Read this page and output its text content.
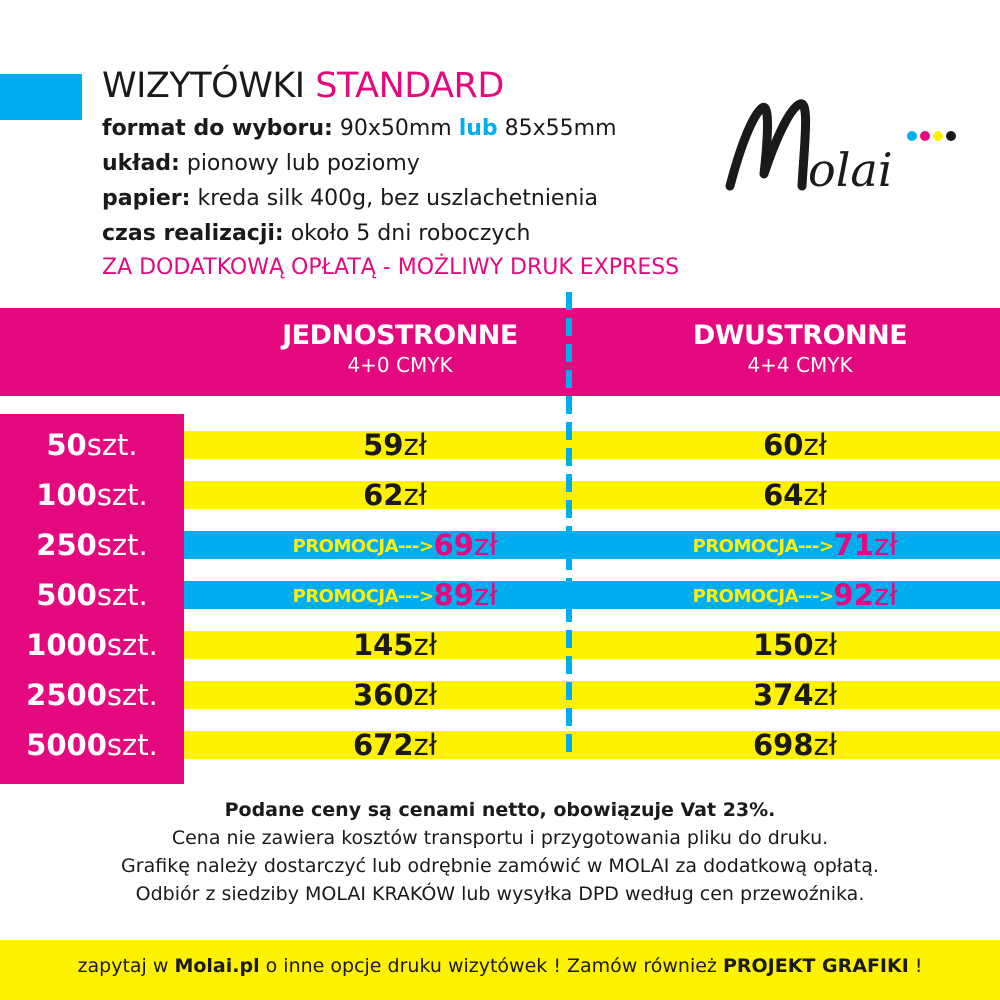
WIZYTÓWKI STANDARD
format do wyboru: 90x50mm lub 85x55mm
układ: pionowy lub poziomy
papier: kreda silk 400g, bez uszlachetnienia
czas realizacji: około 5 dni roboczych
ZA DODATKOWĄ OPŁATĄ - MOŻLIWY DRUK EXPRESS
olai
JEDNOSTRONNE
4+0 CMYK
DWUSTRONNE
4+4 CMYK
50szt.	59zł	60zł
100szt.	62zł	64zł
250szt.	PROMOCJA--->69zł	PROMOCJA--->71zł
500szt.	PROMOCJA--->89zł	PROMOCJA--->92zł
1000szt.	145zł	150zł
2500szt.	360zł	374zł
5000szt.	672zł	698zł
Podane ceny są cenami netto, obowiązuje Vat 23%.
Cena nie zawiera kosztów transportu i przygotowania pliku do druku.
Grafikę należy dostarczyć lub odrębnie zamówić w MOLAI za dodatkową opłatą.
Odbiór z siedziby MOLAI KRAKÓW lub wysyłka DPD według cen przewoźnika.
zapytaj w Molai.pl o inne opcje druku wizytówek ! Zamów również PROJEKT GRAFIKI !
